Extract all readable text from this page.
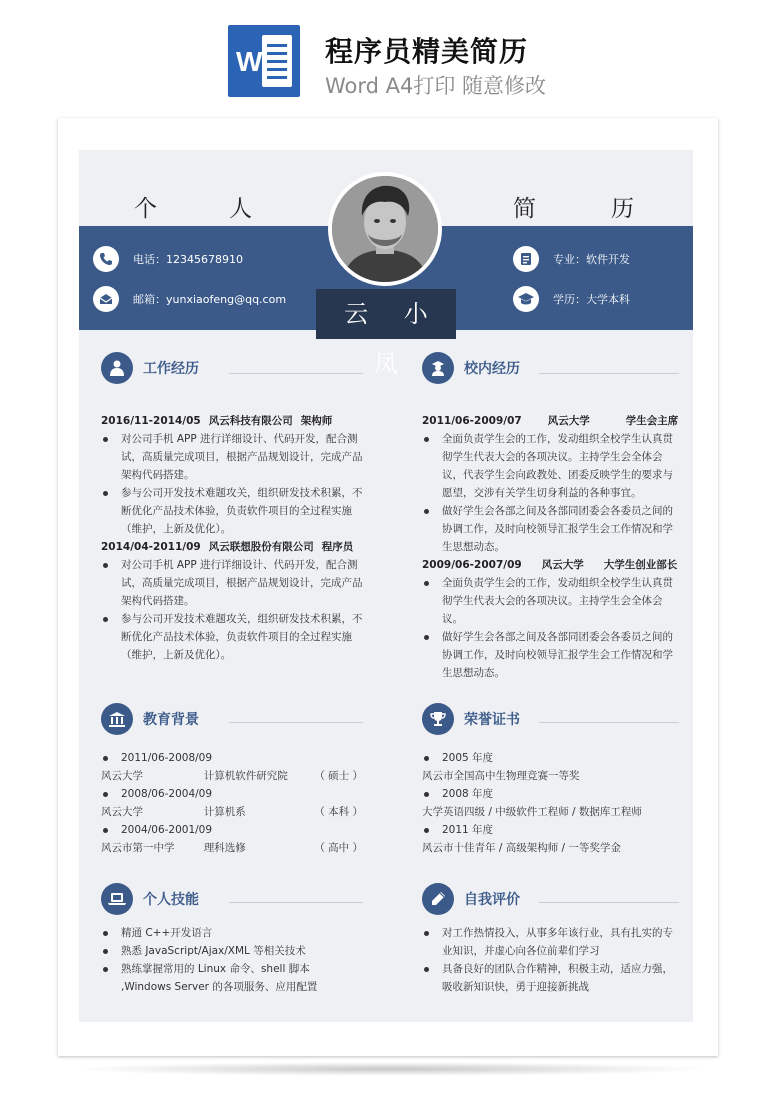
W 程序员精美简历
Word A4打印 随意修改
个	人	简	历
电话：12345678910
邮箱：yunxiaofeng@qq.com
专业：软件开发
学历：大学本科
云 小 凤
工作经历
2016/11-2014/05 风云科技有限公司 架构师
对公司手机 APP 进行详细设计、代码开发，配合测试，高质量完成项目，根据产品规划设计，完成产品架构代码搭建。
参与公司开发技术难题攻关，组织研发技术积累，不断优化产品技术体验，负责软件项目的全过程实施（维护，上新及优化）。
2014/04-2011/09 风云联想股份有限公司 程序员
对公司手机 APP 进行详细设计、代码开发，配合测试，高质量完成项目，根据产品规划设计，完成产品架构代码搭建。
参与公司开发技术难题攻关，组织研发技术积累，不断优化产品技术体验，负责软件项目的全过程实施（维护，上新及优化）。
校内经历
2011/06-2009/07 风云大学	学生会主席
全面负责学生会的工作，发动组织全校学生认真贯彻学生代表大会的各项决议。主持学生会全体会议，代表学生会向政教处、团委反映学生的要求与愿望，交涉有关学生切身利益的各种事宜。
做好学生会各部之间及各部同团委会各委员之间的协调工作，及时向校领导汇报学生会工作情况和学生思想动态。
2009/06-2007/09 风云大学 大学生创业部长
全面负责学生会的工作，发动组织全校学生认真贯彻学生代表大会的各项决议。主持学生会全体会议。
做好学生会各部之间及各部同团委会各委员之间的协调工作，及时向校领导汇报学生会工作情况和学生思想动态。
教育背景
2011/06-2008/09
风云大学	计算机软件研究院	（ 硕士 ）
2008/06-2004/09
风云大学	计算机系	（ 本科 ）
2004/06-2001/09
风云市第一中学	理科选修	（ 高中 ）
荣誉证书
2005 年度
风云市全国高中生物理竞赛一等奖
2008 年度
大学英语四级 / 中级软件工程师 / 数据库工程师
2011 年度
风云市十佳青年 / 高级架构师 / 一等奖学金
个人技能
精通 C++开发语言
熟悉 JavaScript/Ajax/XML 等相关技术
熟练掌握常用的 Linux 命令、shell 脚本 ,Windows Server 的各项服务、应用配置
自我评价
对工作热情投入，从事多年该行业，具有扎实的专业知识，并虚心向各位前辈们学习
具备良好的团队合作精神，积极主动，适应力强，吸收新知识快，勇于迎接新挑战
